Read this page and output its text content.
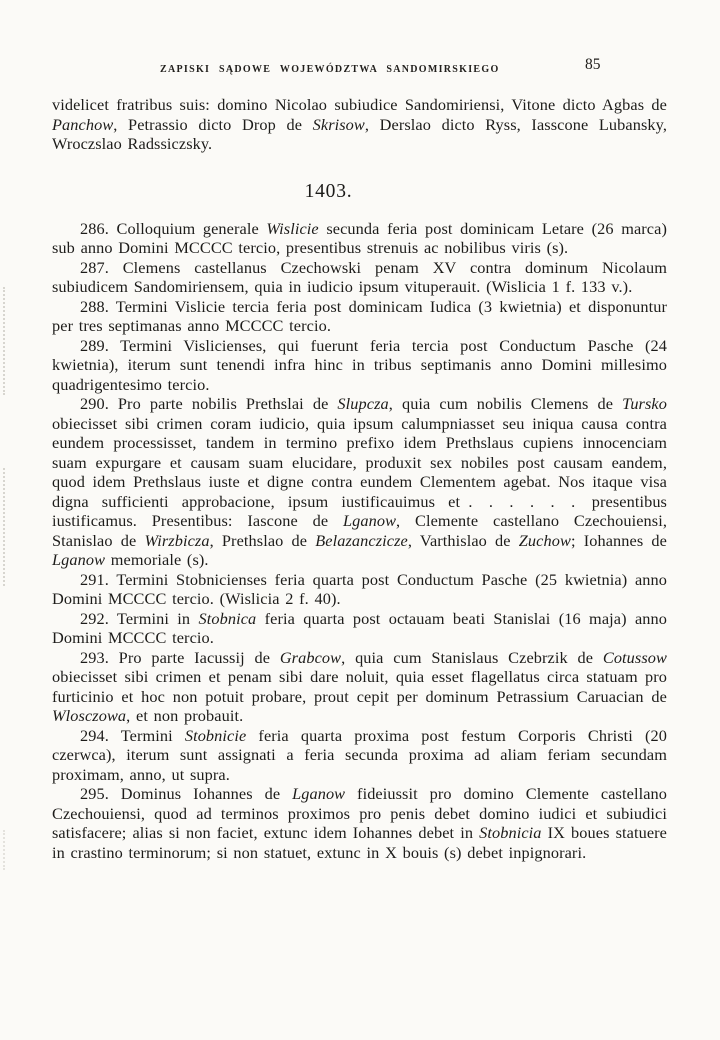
ZAPISKI SĄDOWE WOJEWÓDZTWA SANDOMIRSKIEGO	85

videlicet fratribus suis: domino Nicolao subiudice Sandomiriensi, Vitone dicto Agbas de Panchow, Petrassio dicto Drop de Skrisow, Derslao dicto Ryss, Iasscone Lubansky, Wroczslao Radssiczsky.

1403.

286. Colloquium generale Wislicie secunda feria post dominicam Letare (26 marca) sub anno Domini MCCCC tercio, presentibus strenuis ac nobilibus viris (s).

287. Clemens castellanus Czechowski penam XV contra dominum Nicolaum subiudicem Sandomiriensem, quia in iudicio ipsum vituperauit. (Wislicia 1 f. 133 v.).

288. Termini Vislicie tercia feria post dominicam Iudica (3 kwietnia) et disponuntur per tres septimanas anno MCCCC tercio.

289. Termini Vislicienses, qui fuerunt feria tercia post Conductum Pasche (24 kwietnia), iterum sunt tenendi infra hinc in tribus septimanis anno Domini millesimo quadrigentesimo tercio.

290. Pro parte nobilis Prethslai de Slupcza, quia cum nobilis Clemens de Tursko obiecisset sibi crimen coram iudicio, quia ipsum calumpniasset seu iniqua causa contra eundem processisset, tandem in termino prefixo idem Prethslaus cupiens innocenciam suam expurgare et causam suam elucidare, produxit sex nobiles post causam eandem, quod idem Prethslaus iuste et digne contra eundem Clementem agebat. Nos itaque visa digna sufficienti approbacione, ipsum iustificauimus et . . . . . .  presentibus iustificamus. Presentibus: Iascone de Lganow, Clemente castellano Czechouiensi, Stanislao de Wirzbicza, Prethslao de Belazanczicze, Varthislao de Zuchow; Iohannes de Lganow memoriale (s).

291. Termini Stobnicienses feria quarta post Conductum Pasche (25 kwietnia) anno Domini MCCCC tercio. (Wislicia 2 f. 40).

292. Termini in Stobnica feria quarta post octauam beati Stanislai (16 maja) anno Domini MCCCC tercio.

293. Pro parte Iacussij de Grabcow, quia cum Stanislaus Czebrzik de Cotussow obiecisset sibi crimen et penam sibi dare noluit, quia esset flagellatus circa statuam pro furticinio et hoc non potuit probare, prout cepit per dominum Petrassium Caruacian de Wlosczowa, et non probauit.

294. Termini Stobnicie feria quarta proxima post festum Corporis Christi (20 czerwca), iterum sunt assignati a feria secunda proxima ad aliam feriam secundam proximam, anno, ut supra.

295. Dominus Iohannes de Lganow fideiussit pro domino Clemente castellano Czechouiensi, quod ad terminos proximos pro penis debet domino iudici et subiudici satisfacere; alias si non faciet, extunc idem Iohannes debet in Stobnicia IX boues statuere in crastino terminorum; si non statuet, extunc in X bouis (s) debet inpignorari.
